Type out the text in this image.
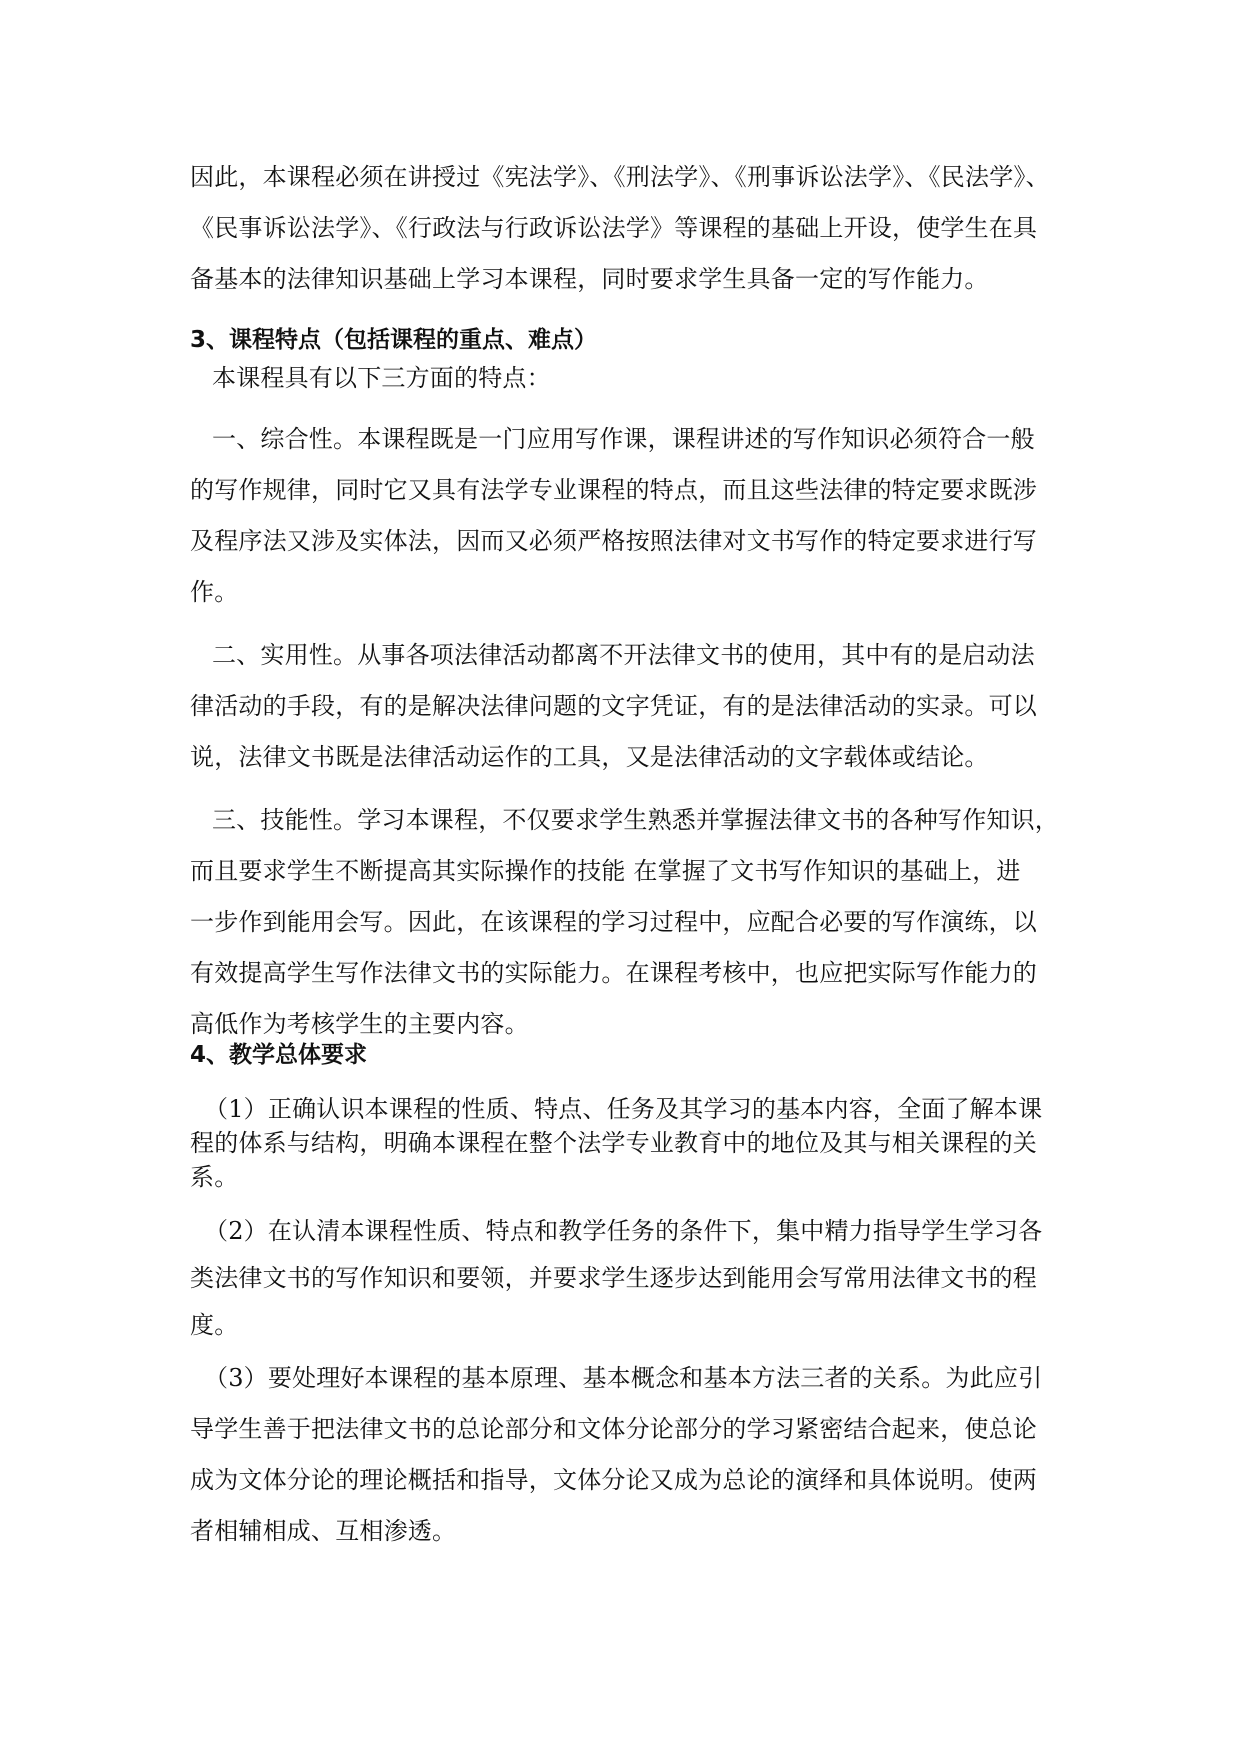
因此，本课程必须在讲授过《宪法学》、《刑法学》、《刑事诉讼法学》、《民法学》、
《民事诉讼法学》、《行政法与行政诉讼法学》等课程的基础上开设，使学生在具
备基本的法律知识基础上学习本课程，同时要求学生具备一定的写作能力。
3、课程特点（包括课程的重点、难点）
本课程具有以下三方面的特点：
一、综合性。本课程既是一门应用写作课，课程讲述的写作知识必须符合一般
的写作规律，同时它又具有法学专业课程的特点，而且这些法律的特定要求既涉
及程序法又涉及实体法，因而又必须严格按照法律对文书写作的特定要求进行写
作。
二、实用性。从事各项法律活动都离不开法律文书的使用，其中有的是启动法
律活动的手段，有的是解决法律问题的文字凭证，有的是法律活动的实录。可以
说，法律文书既是法律活动运作的工具，又是法律活动的文字载体或结论。
三、技能性。学习本课程，不仅要求学生熟悉并掌握法律文书的各种写作知识，
而且要求学生不断提高其实际操作的技能 在掌握了文书写作知识的基础上，进
一步作到能用会写。因此，在该课程的学习过程中，应配合必要的写作演练，以
有效提高学生写作法律文书的实际能力。在课程考核中，也应把实际写作能力的
高低作为考核学生的主要内容。
4、教学总体要求
（1）正确认识本课程的性质、特点、任务及其学习的基本内容，全面了解本课
程的体系与结构，明确本课程在整个法学专业教育中的地位及其与相关课程的关
系。
（2）在认清本课程性质、特点和教学任务的条件下，集中精力指导学生学习各
类法律文书的写作知识和要领，并要求学生逐步达到能用会写常用法律文书的程
度。
（3）要处理好本课程的基本原理、基本概念和基本方法三者的关系。为此应引
导学生善于把法律文书的总论部分和文体分论部分的学习紧密结合起来，使总论
成为文体分论的理论概括和指导，文体分论又成为总论的演绎和具体说明。使两
者相辅相成、互相渗透。
